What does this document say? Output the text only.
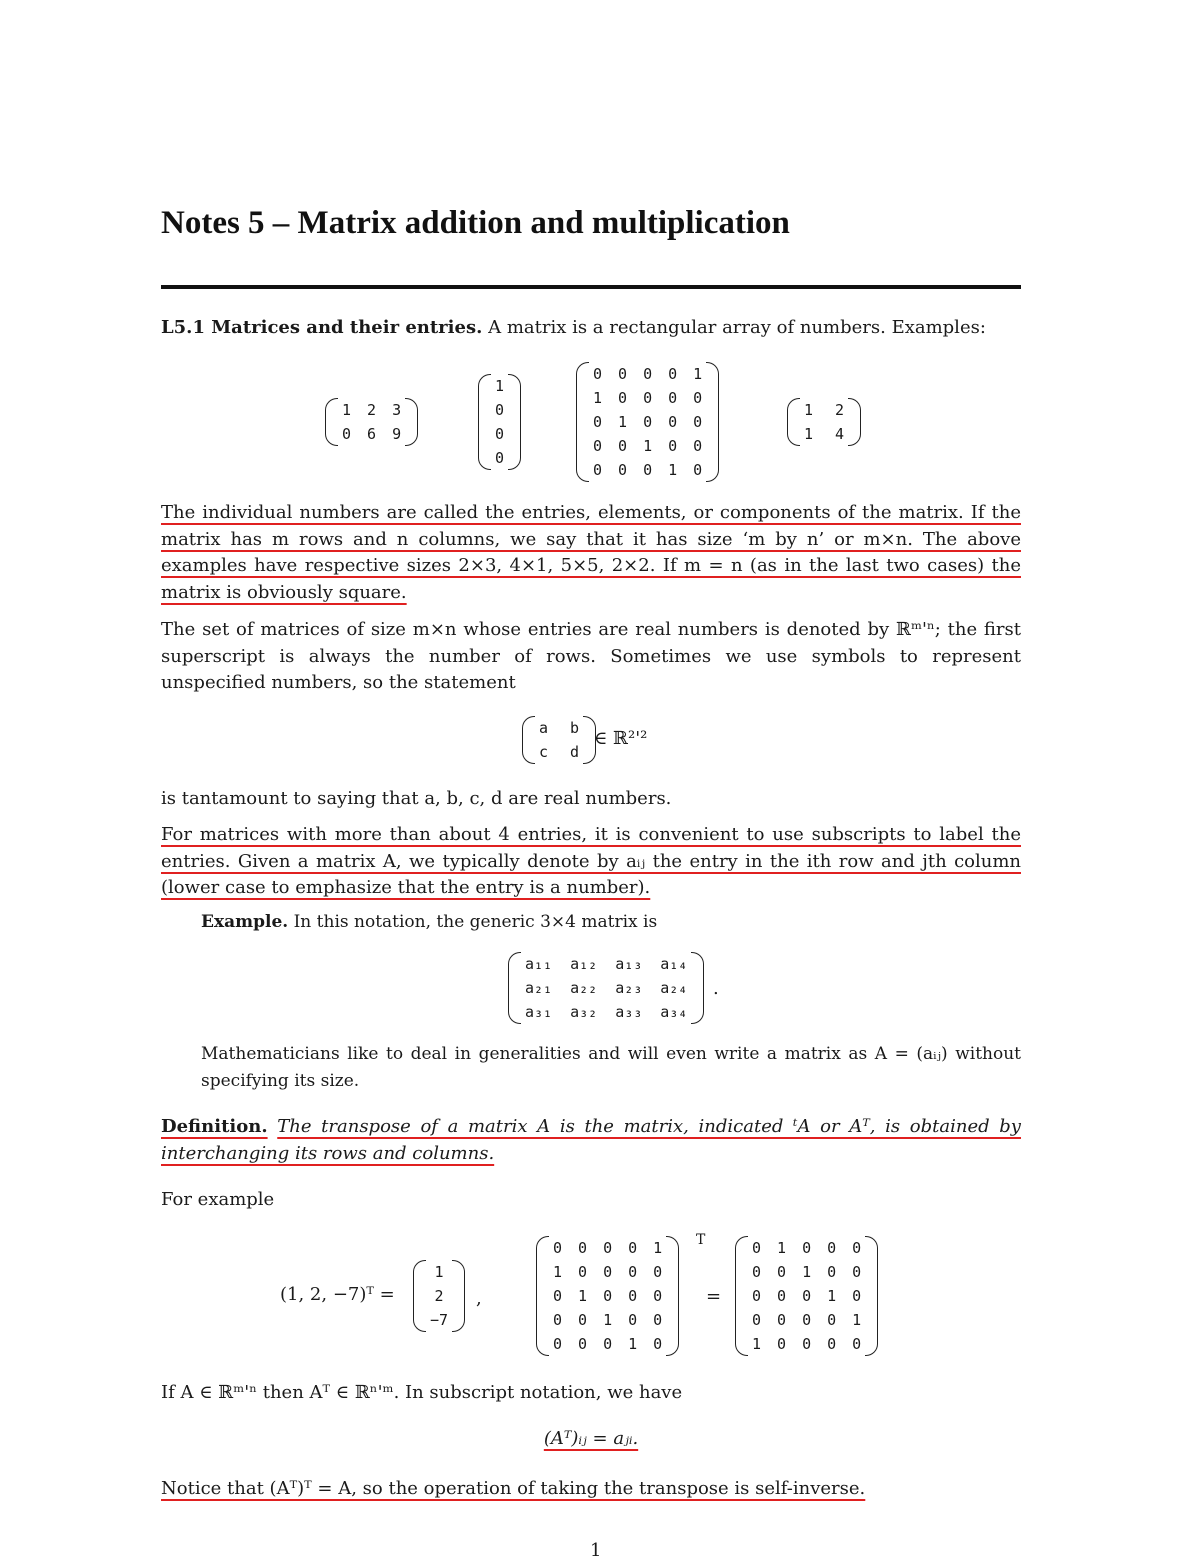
Notes 5 – Matrix addition and multiplication
L5.1 Matrices and their entries. A matrix is a rectangular array of numbers. Examples:
1 2 3
0 6 9
1
0
0
0
0 0 0 0 1
1 0 0 0 0
0 1 0 0 0
0 0 1 0 0
0 0 0 1 0
1 2
1 4
The individual numbers are called the entries, elements, or components of the matrix. If the matrix has m rows and n columns, we say that it has size ‘m by n’ or m×n. The above examples have respective sizes 2×3, 4×1, 5×5, 2×2. If m = n (as in the last two cases) the matrix is obviously square.
The set of matrices of size m×n whose entries are real numbers is denoted by ℝᵐ'ⁿ; the first superscript is always the number of rows. Sometimes we use symbols to represent unspecified numbers, so the statement
a b
c d
∈ ℝ²'²
is tantamount to saying that a, b, c, d are real numbers.
For matrices with more than about 4 entries, it is convenient to use subscripts to label the entries. Given a matrix A, we typically denote by aᵢⱼ the entry in the ith row and jth column (lower case to emphasize that the entry is a number).
Example. In this notation, the generic 3×4 matrix is
a₁₁ a₁₂ a₁₃ a₁₄
a₂₁ a₂₂ a₂₃ a₂₄
a₃₁ a₃₂ a₃₃ a₃₄
.
Mathematicians like to deal in generalities and will even write a matrix as A = (aᵢⱼ) without specifying its size.
Definition. The transpose of a matrix A is the matrix, indicated ᵗA or Aᵀ, is obtained by interchanging its rows and columns.
For example
(1, 2, −7)ᵀ =
1
2
−7
,
0 0 0 0 1
1 0 0 0 0
0 1 0 0 0
0 0 1 0 0
0 0 0 1 0
T
=
0 1 0 0 0
0 0 1 0 0
0 0 0 1 0
0 0 0 0 1
1 0 0 0 0
If A ∈ ℝᵐ'ⁿ then Aᵀ ∈ ℝⁿ'ᵐ. In subscript notation, we have
(Aᵀ)ᵢⱼ = aⱼᵢ.
Notice that (Aᵀ)ᵀ = A, so the operation of taking the transpose is self-inverse.
1
